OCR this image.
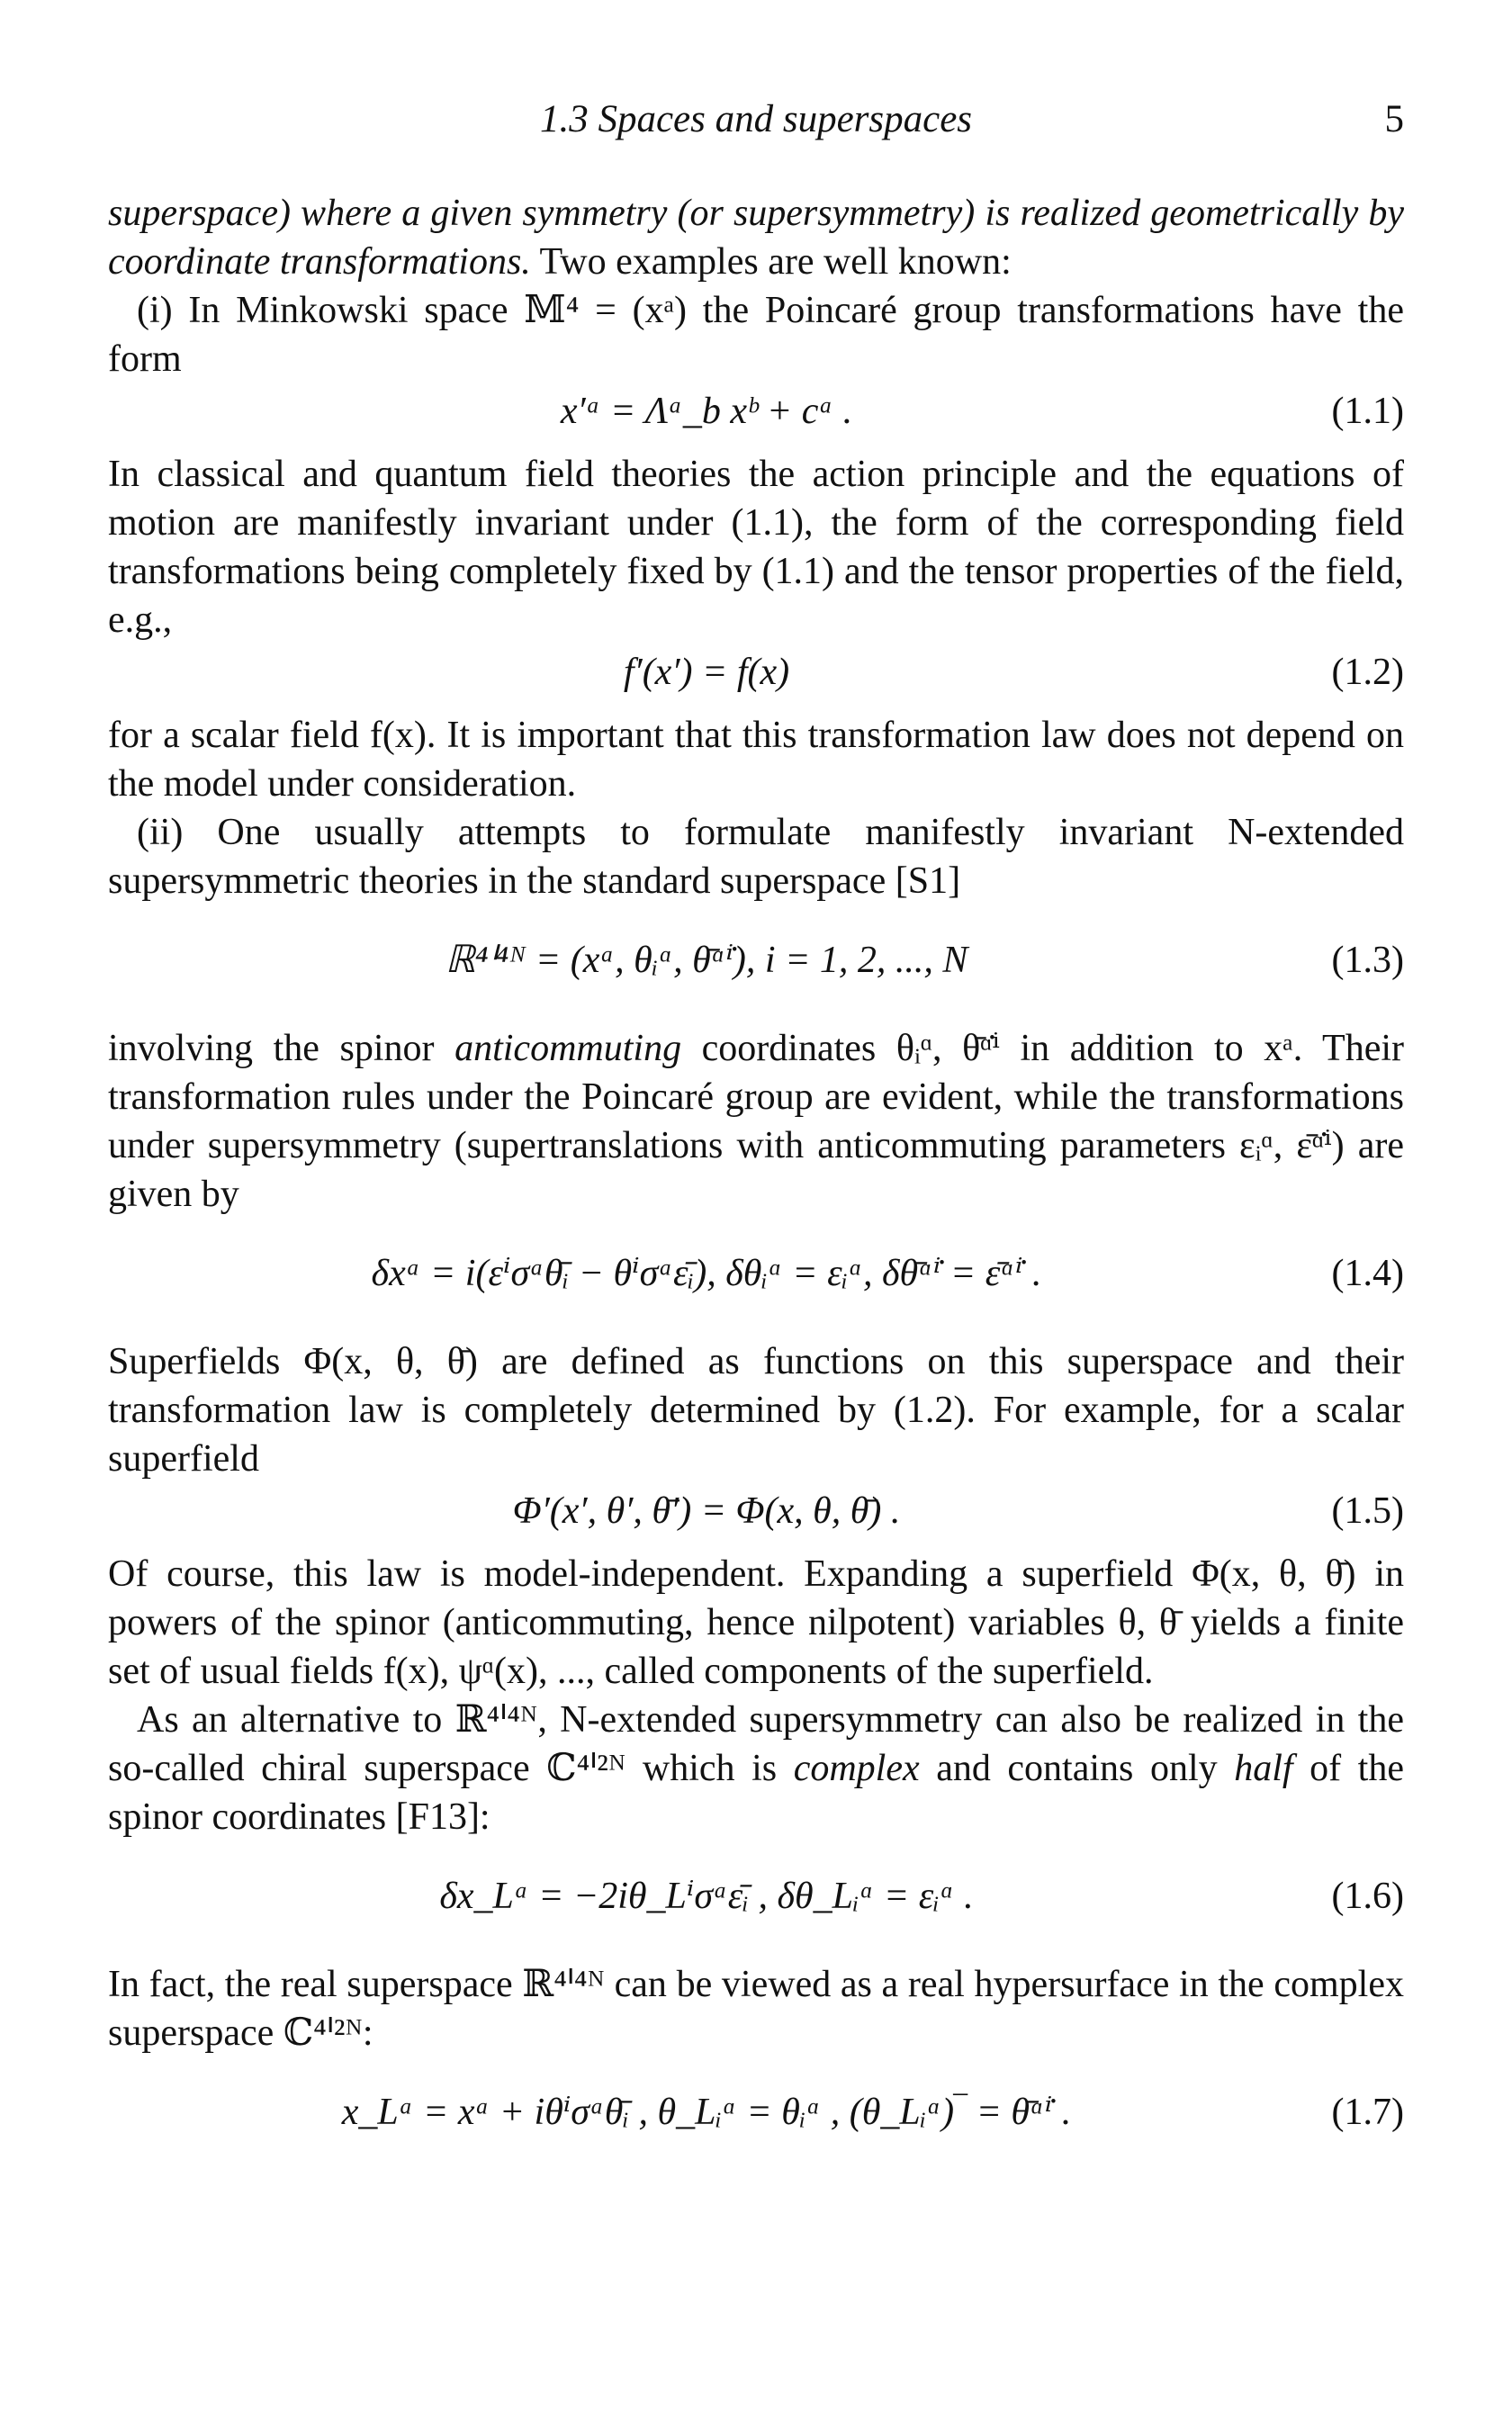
1.3 Spaces and superspaces	5

superspace) where a given symmetry (or supersymmetry) is realized geometrically by coordinate transformations. Two examples are well known:

(i) In Minkowski space 𝕄⁴ = (xᵃ) the Poincaré group transformations have the form

x′ᵃ = Λᵃ_b xᵇ + cᵃ .	(1.1)

In classical and quantum field theories the action principle and the equations of motion are manifestly invariant under (1.1), the form of the corresponding field transformations being completely fixed by (1.1) and the tensor properties of the field, e.g.,

f′(x′) = f(x)	(1.2)

for a scalar field f(x). It is important that this transformation law does not depend on the model under consideration.

(ii) One usually attempts to formulate manifestly invariant N-extended supersymmetric theories in the standard superspace [S1]

ℝ⁴ᑊ⁴ᴺ = (xᵃ, θᵢᵅ, θ̄ᵅ̇ⁱ), i = 1, 2, ..., N	(1.3)

involving the spinor anticommuting coordinates θᵢᵅ, θ̄ᵅ̇ⁱ in addition to xᵃ. Their transformation rules under the Poincaré group are evident, while the transformations under supersymmetry (supertranslations with anticommuting parameters εᵢᵅ, ε̄ᵅ̇ⁱ) are given by

δxᵃ = i(εⁱσᵃθ̄ᵢ − θⁱσᵃε̄ᵢ), δθᵢᵅ = εᵢᵅ, δθ̄ᵅ̇ⁱ = ε̄ᵅ̇ⁱ .	(1.4)

Superfields Φ(x, θ, θ̄) are defined as functions on this superspace and their transformation law is completely determined by (1.2). For example, for a scalar superfield

Φ′(x′, θ′, θ̄′) = Φ(x, θ, θ̄) .	(1.5)

Of course, this law is model-independent. Expanding a superfield Φ(x, θ, θ̄) in powers of the spinor (anticommuting, hence nilpotent) variables θ, θ̄ yields a finite set of usual fields f(x), ψᵅ(x), ..., called components of the superfield.

As an alternative to ℝ⁴ᑊ⁴ᴺ, N-extended supersymmetry can also be realized in the so-called chiral superspace ℂ⁴ᑊ²ᴺ which is complex and contains only half of the spinor coordinates [F13]:

δx_Lᵃ = −2iθ_Lⁱσᵃε̄ᵢ , δθ_Lᵢᵅ = εᵢᵅ .	(1.6)

In fact, the real superspace ℝ⁴ᑊ⁴ᴺ can be viewed as a real hypersurface in the complex superspace ℂ⁴ᑊ²ᴺ:

x_Lᵃ = xᵃ + iθⁱσᵃθ̄ᵢ , θ_Lᵢᵅ = θᵢᵅ , (θ_Lᵢᵅ)‾ = θ̄ᵅ̇ⁱ .	(1.7)
